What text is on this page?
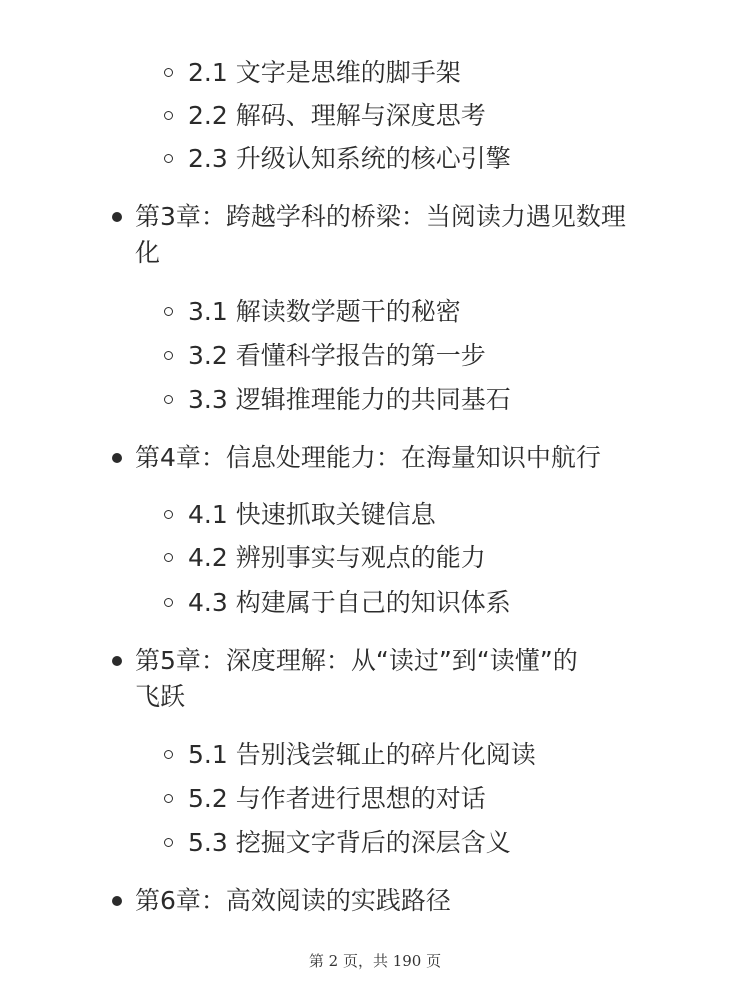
2.1 文字是思维的脚手架
2.2 解码、理解与深度思考
2.3 升级认知系统的核心引擎
第3章：跨越学科的桥梁：当阅读力遇见数理
化
3.1 解读数学题干的秘密
3.2 看懂科学报告的第一步
3.3 逻辑推理能力的共同基石
第4章：信息处理能力：在海量知识中航行
4.1 快速抓取关键信息
4.2 辨别事实与观点的能力
4.3 构建属于自己的知识体系
第5章：深度理解：从“读过”到“读懂”的
飞跃
5.1 告别浅尝辄止的碎片化阅读
5.2 与作者进行思想的对话
5.3 挖掘文字背后的深层含义
第6章：高效阅读的实践路径
第 2 页，共 190 页
